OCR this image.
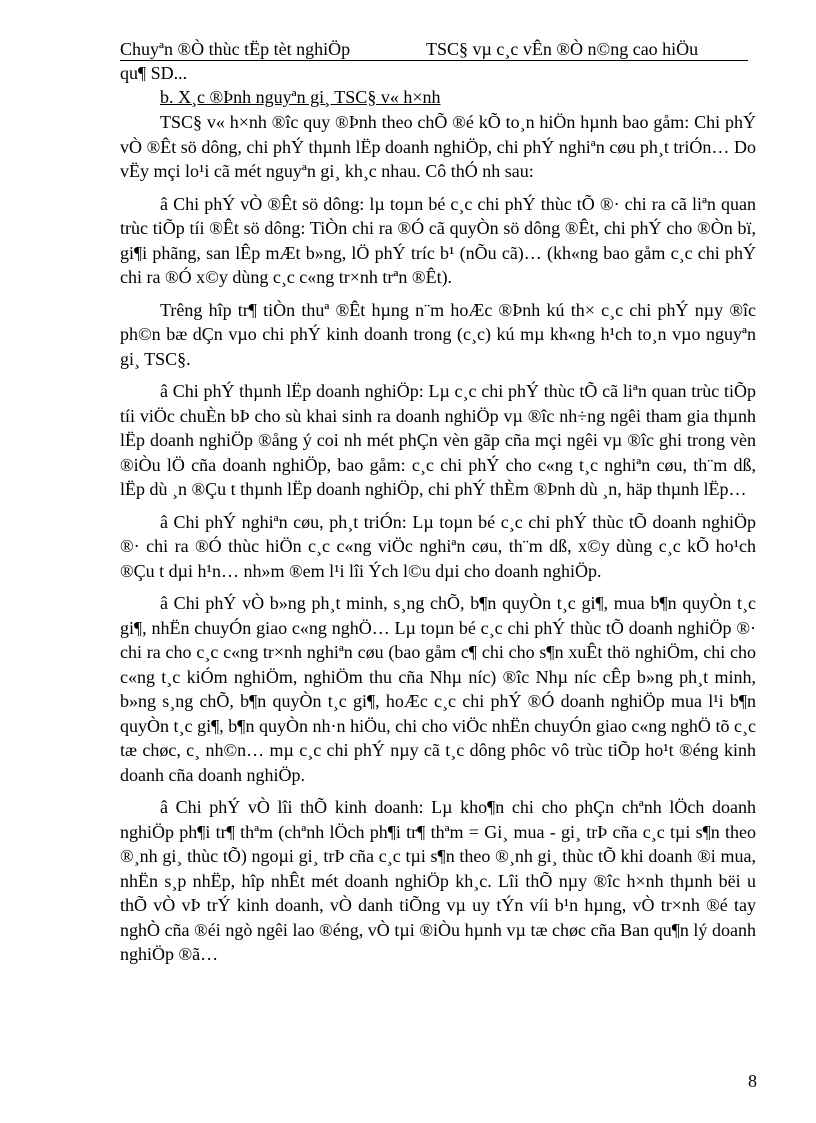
Chuyªn ®Ò thùc tËp tèt nghiÖp	TSC§ vµ c¸c vÊn ®Ò n©ng cao hiÖu
qu¶ SD...
b. X¸c ®Þnh nguyªn gi¸ TSC§ v« h×nh

TSC§ v« h×nh ®îc quy ®Þnh theo chÕ ®é kÕ to¸n hiÖn hµnh bao gåm: Chi phÝ vÒ ®Êt sö dông, chi phÝ thµnh lËp doanh nghiÖp, chi phÝ nghiªn cøu ph¸t triÓn… Do vËy mçi lo¹i cã mét nguyªn gi¸ kh¸c nhau. Cô thÓ nh sau:

â Chi phÝ vÒ ®Êt sö dông: lµ toµn bé c¸c chi phÝ thùc tÕ ®· chi ra cã liªn quan trùc tiÕp tíi ®Êt sö dông: TiÒn chi ra ®Ó cã quyÒn sö dông ®Êt, chi phÝ cho ®Òn bï, gi¶i phãng, san lÊp mÆt b»ng, lÖ phÝ tríc b¹ (nÕu cã)… (kh«ng bao gåm c¸c chi phÝ chi ra ®Ó x©y dùng c¸c c«ng tr×nh trªn ®Êt).

Trêng hîp tr¶ tiÒn thuª ®Êt hµng n¨m hoÆc ®Þnh kú th× c¸c chi phÝ nµy ®îc ph©n bæ dÇn vµo chi phÝ kinh doanh trong (c¸c) kú mµ kh«ng h¹ch to¸n vµo nguyªn gi¸ TSC§.

â Chi phÝ thµnh lËp doanh nghiÖp: Lµ c¸c chi phÝ thùc tÕ cã liªn quan trùc tiÕp tíi viÖc chuÈn bÞ cho sù khai sinh ra doanh nghiÖp vµ ®îc nh÷ng ngêi tham gia thµnh lËp doanh nghiÖp ®ång ý coi nh mét phÇn vèn gãp cña mçi ngêi vµ ®îc ghi trong vèn ®iÒu lÖ cña doanh nghiÖp, bao gåm: c¸c chi phÝ cho c«ng t¸c nghiªn cøu, th¨m dß, lËp dù ¸n ®Çu t thµnh lËp doanh nghiÖp, chi phÝ thÈm ®Þnh dù ¸n, häp thµnh lËp…

â Chi phÝ nghiªn cøu, ph¸t triÓn: Lµ toµn bé c¸c chi phÝ thùc tÕ doanh nghiÖp ®· chi ra ®Ó thùc hiÖn c¸c c«ng viÖc nghiªn cøu, th¨m dß, x©y dùng c¸c kÕ ho¹ch ®Çu t dµi h¹n… nh»m ®em l¹i lîi Ých l©u dµi cho doanh nghiÖp.

â Chi phÝ vÒ b»ng ph¸t minh, s¸ng chÕ, b¶n quyÒn t¸c gi¶, mua b¶n quyÒn t¸c gi¶, nhËn chuyÓn giao c«ng nghÖ… Lµ toµn bé c¸c chi phÝ thùc tÕ doanh nghiÖp ®· chi ra cho c¸c c«ng tr×nh nghiªn cøu (bao gåm c¶ chi cho s¶n xuÊt thö nghiÖm, chi cho c«ng t¸c kiÓm nghiÖm, nghiÖm thu cña Nhµ níc) ®îc Nhµ níc cÊp b»ng ph¸t minh, b»ng s¸ng chÕ, b¶n quyÒn t¸c gi¶, hoÆc c¸c chi phÝ ®Ó doanh nghiÖp mua l¹i b¶n quyÒn t¸c gi¶, b¶n quyÒn nh·n hiÖu, chi cho viÖc nhËn chuyÓn giao c«ng nghÖ tõ c¸c tæ chøc, c¸ nh©n… mµ c¸c chi phÝ nµy cã t¸c dông phôc vô trùc tiÕp ho¹t ®éng kinh doanh cña doanh nghiÖp.

â Chi phÝ vÒ lîi thÕ kinh doanh: Lµ kho¶n chi cho phÇn chªnh lÖch doanh nghiÖp ph¶i tr¶ thªm (chªnh lÖch ph¶i tr¶ thªm = Gi¸ mua - gi¸ trÞ cña c¸c tµi s¶n theo ®¸nh gi¸ thùc tÕ) ngoµi gi¸ trÞ cña c¸c tµi s¶n theo ®¸nh gi¸ thùc tÕ khi doanh ®i mua, nhËn s¸p nhËp, hîp nhÊt mét doanh nghiÖp kh¸c. Lîi thÕ nµy ®îc h×nh thµnh bëi u thÕ vÒ vÞ trÝ kinh doanh, vÒ danh tiÕng vµ uy tÝn víi b¹n hµng, vÒ tr×nh ®é tay nghÒ cña ®éi ngò ngêi lao ®éng, vÒ tµi ®iÒu hµnh vµ tæ chøc cña Ban qu¶n lý doanh nghiÖp ®ã…

8
